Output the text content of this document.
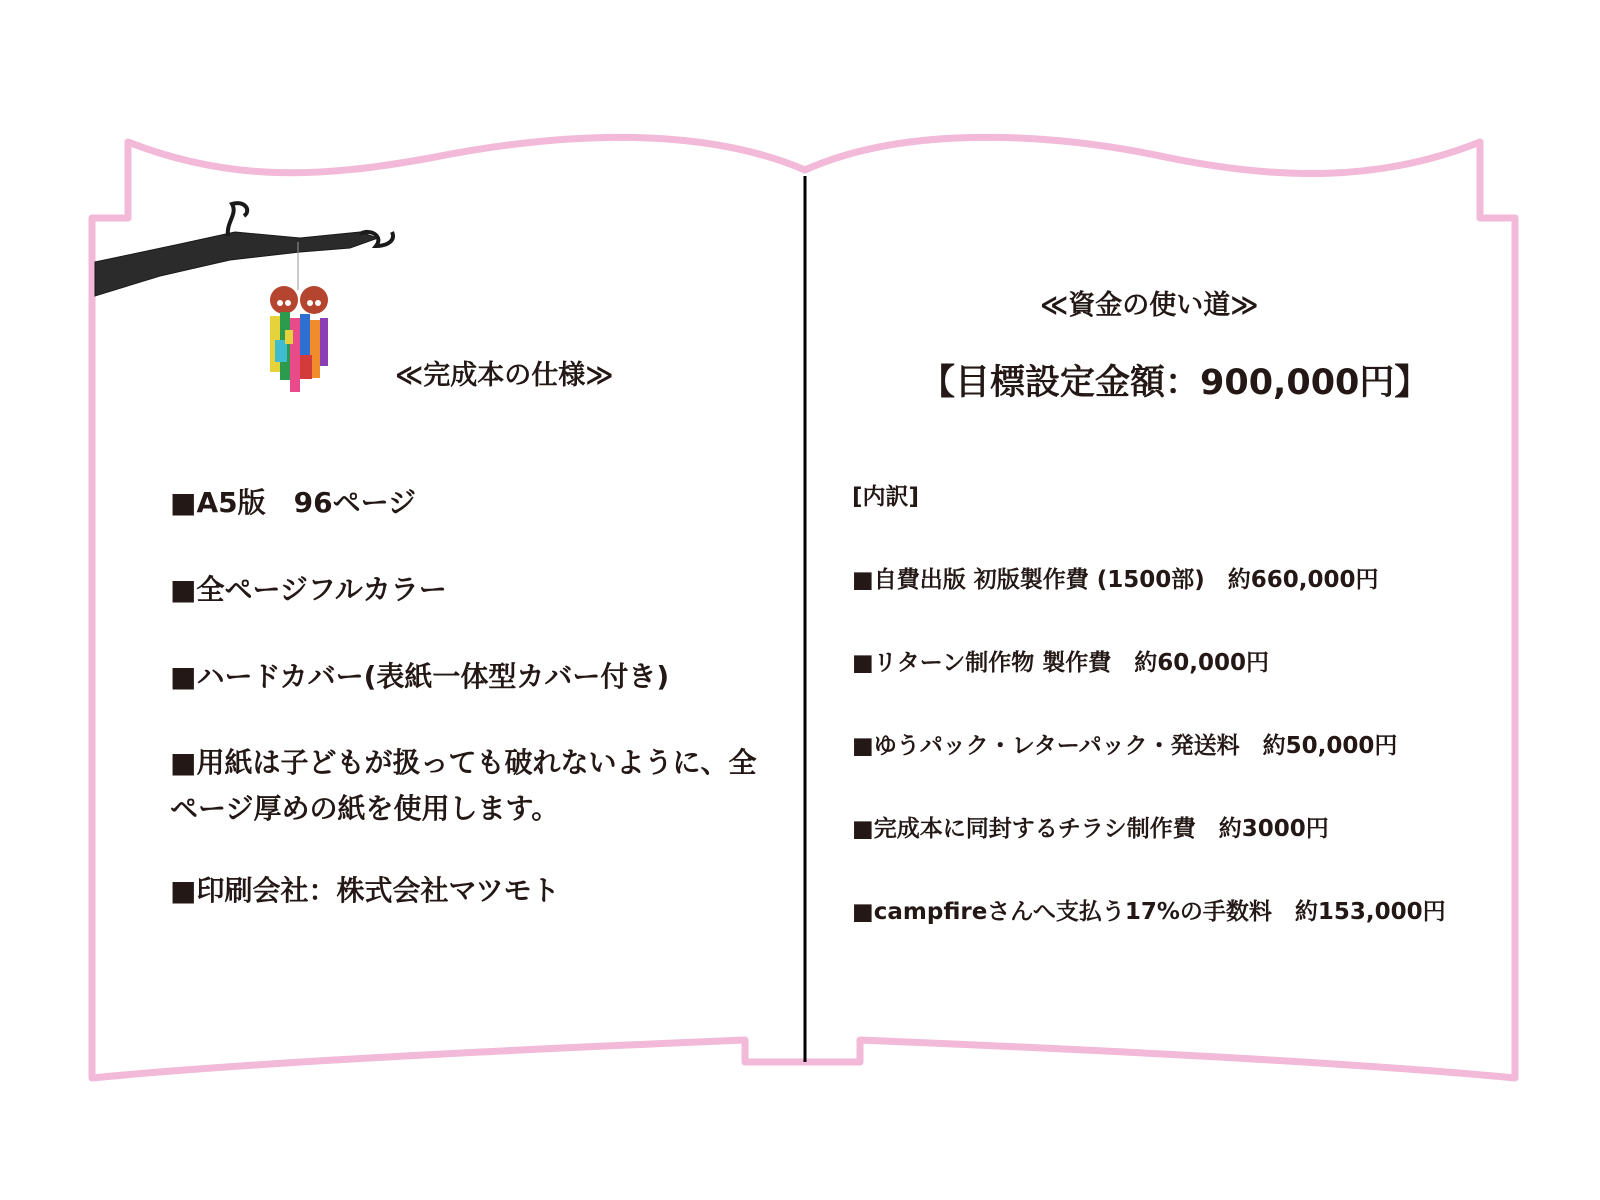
≪完成本の仕様≫
■A5版　96ページ
■全ページフルカラー
■ハードカバー(表紙一体型カバー付き)
■用紙は子どもが扱っても破れないように、全ページ厚めの紙を使用します。
■印刷会社：株式会社マツモト
≪資金の使い道≫
【目標設定金額：900,000円】
[内訳]
■自費出版 初版製作費 (1500部)　約660,000円
■リターン制作物 製作費　約60,000円
■ゆうパック・レターパック・発送料　約50,000円
■完成本に同封するチラシ制作費　約3000円
■campfireさんへ支払う17%の手数料　約153,000円
